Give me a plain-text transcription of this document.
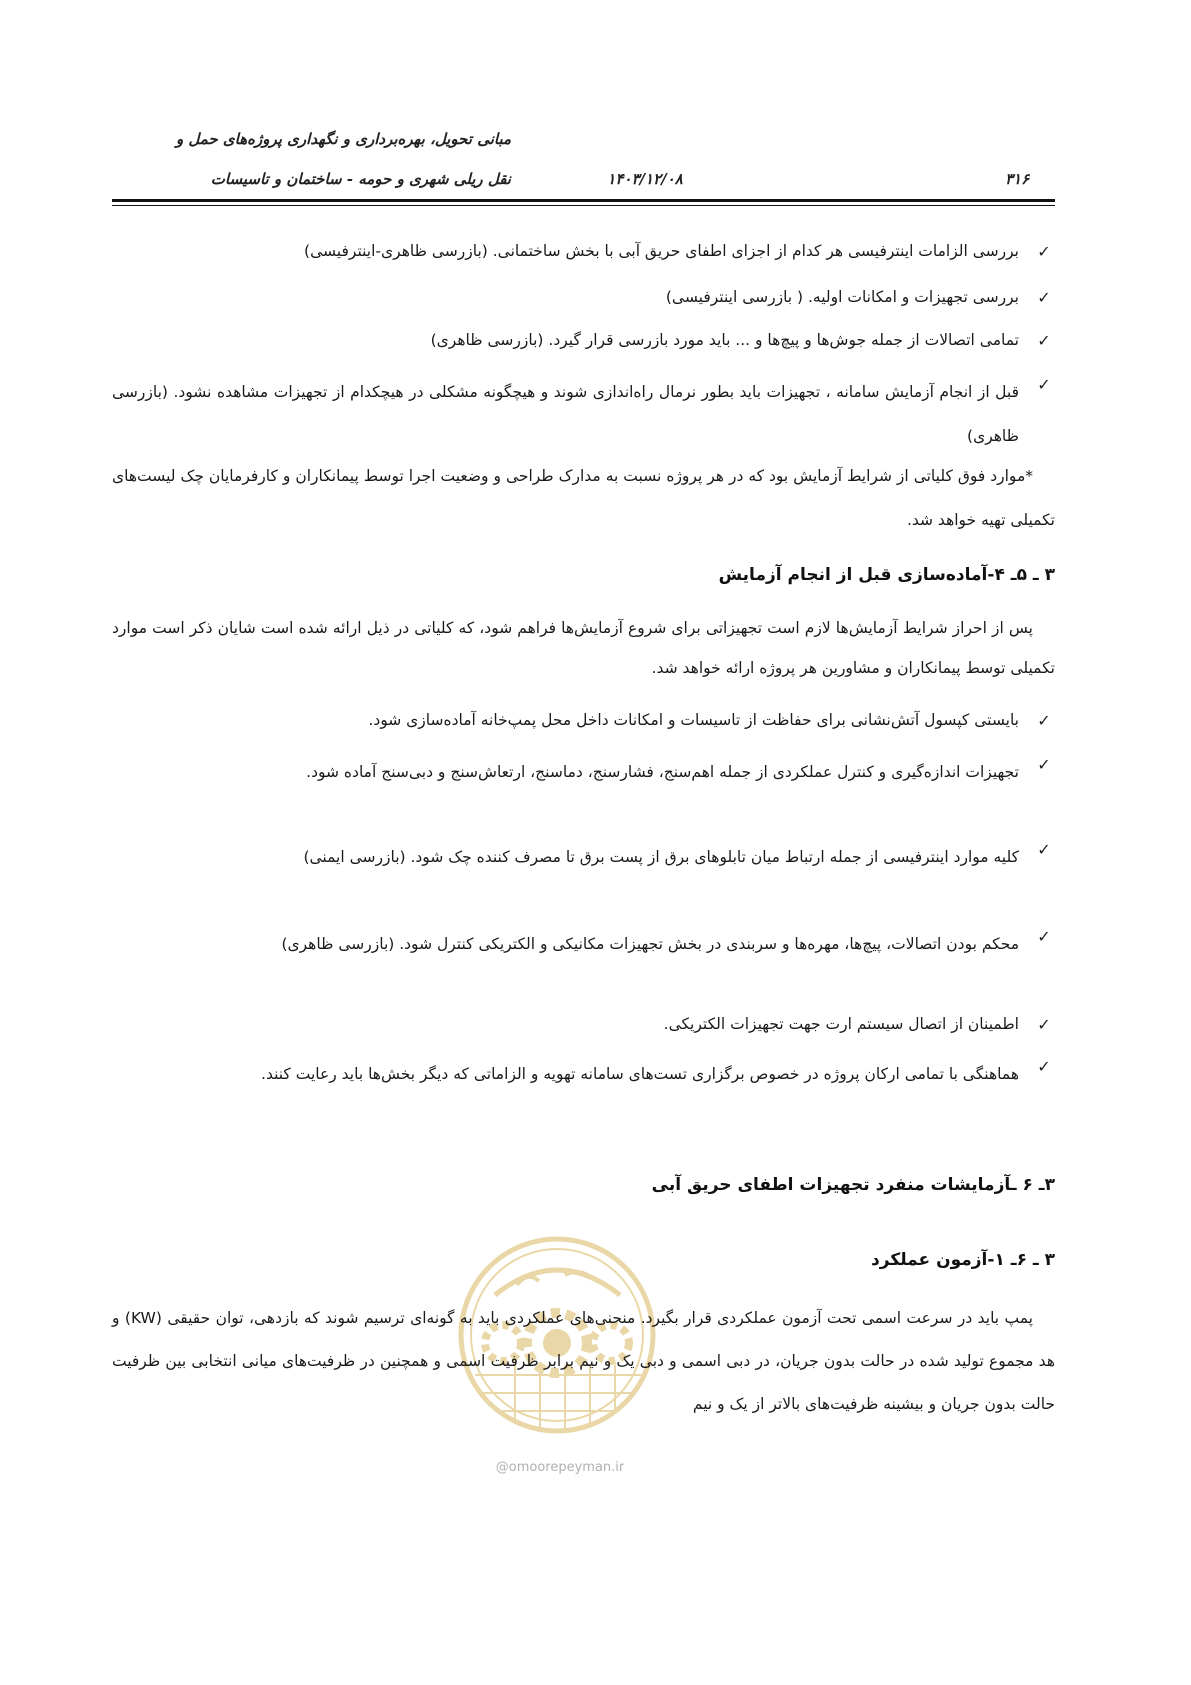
مبانی تحویل، بهره‌برداری و نگهداری پروژه‌های حمل و
نقل ریلی شهری و حومه - ساختمان و تاسیسات	۱۴۰۳/۱۲/۰۸	۳۱۶
✓
بررسی الزامات اینترفیسی هر کدام از اجزای اطفای حریق آبی با بخش ساختمانی. (بازرسی ظاهری-اینترفیسی)
✓
بررسی تجهیزات و امکانات اولیه. ( بازرسی اینترفیسی)
✓
تمامی اتصالات از جمله جوش‌ها و پیچ‌ها و ... باید مورد بازرسی قرار گیرد. (بازرسی ظاهری)
✓
قبل از انجام آزمایش سامانه ، تجهیزات باید بطور نرمال راه‌اندازی شوند و هیچگونه مشکلی در هیچکدام از تجهیزات مشاهده نشود. (بازرسی ظاهری)
*موارد فوق کلیاتی از شرایط آزمایش بود که در هر پروژه نسبت به مدارک طراحی و وضعیت اجرا توسط پیمانکاران و کارفرمایان چک لیست‌های تکمیلی تهیه خواهد شد.
۳ ـ ۵ـ ۴-آماده‌سازی قبل از انجام آزمایش
پس از احراز شرایط آزمایش‌ها لازم است تجهیزاتی برای شروع آزمایش‌ها فراهم شود، که کلیاتی در ذیل ارائه شده است شایان ذکر است موارد تکمیلی توسط پیمانکاران و مشاورین هر پروژه ارائه خواهد شد.
✓
بایستی کپسول آتش‌نشانی برای حفاظت از تاسیسات و امکانات داخل محل پمپ‌خانه آماده‌سازی شود.
✓
تجهیزات اندازه‌گیری و کنترل عملکردی از جمله اهم‌سنج، فشارسنج، دماسنج، ارتعاش‌سنج و دبی‌سنج آماده شود.
✓
کلیه موارد اینترفیسی از جمله ارتباط میان تابلوهای برق از پست برق تا مصرف کننده چک شود. (بازرسی ایمنی)
✓
محکم بودن اتصالات، پیچ‌ها، مهره‌ها و سربندی در بخش تجهیزات مکانیکی و الکتریکی کنترل شود. (بازرسی ظاهری)
✓
اطمینان از اتصال سیستم ارت جهت تجهیزات الکتریکی.
✓
هماهنگی با تمامی ارکان پروژه در خصوص برگزاری تست‌های سامانه تهویه و الزاماتی که دیگر بخش‌ها باید رعایت کنند.
۳ـ ۶ ـآزمایشات منفرد تجهیزات اطفای حریق آبی
@omoorepeyman.ir
۳ ـ ۶ـ ۱-آزمون عملکرد
پمپ باید در سرعت اسمی تحت آزمون عملکردی قرار بگیرد. منحنی‌های عملکردی باید به گونه‌ای ترسیم شوند که بازدهی، توان حقیقی (KW) و هد مجموع تولید شده در حالت بدون جریان، در دبی اسمی و دبی یک و نیم برابر ظرفیت اسمی و همچنین در ظرفیت‌های میانی انتخابی بین ظرفیت حالت بدون جریان و بیشینه ظرفیت‌های بالاتر از یک و نیم
